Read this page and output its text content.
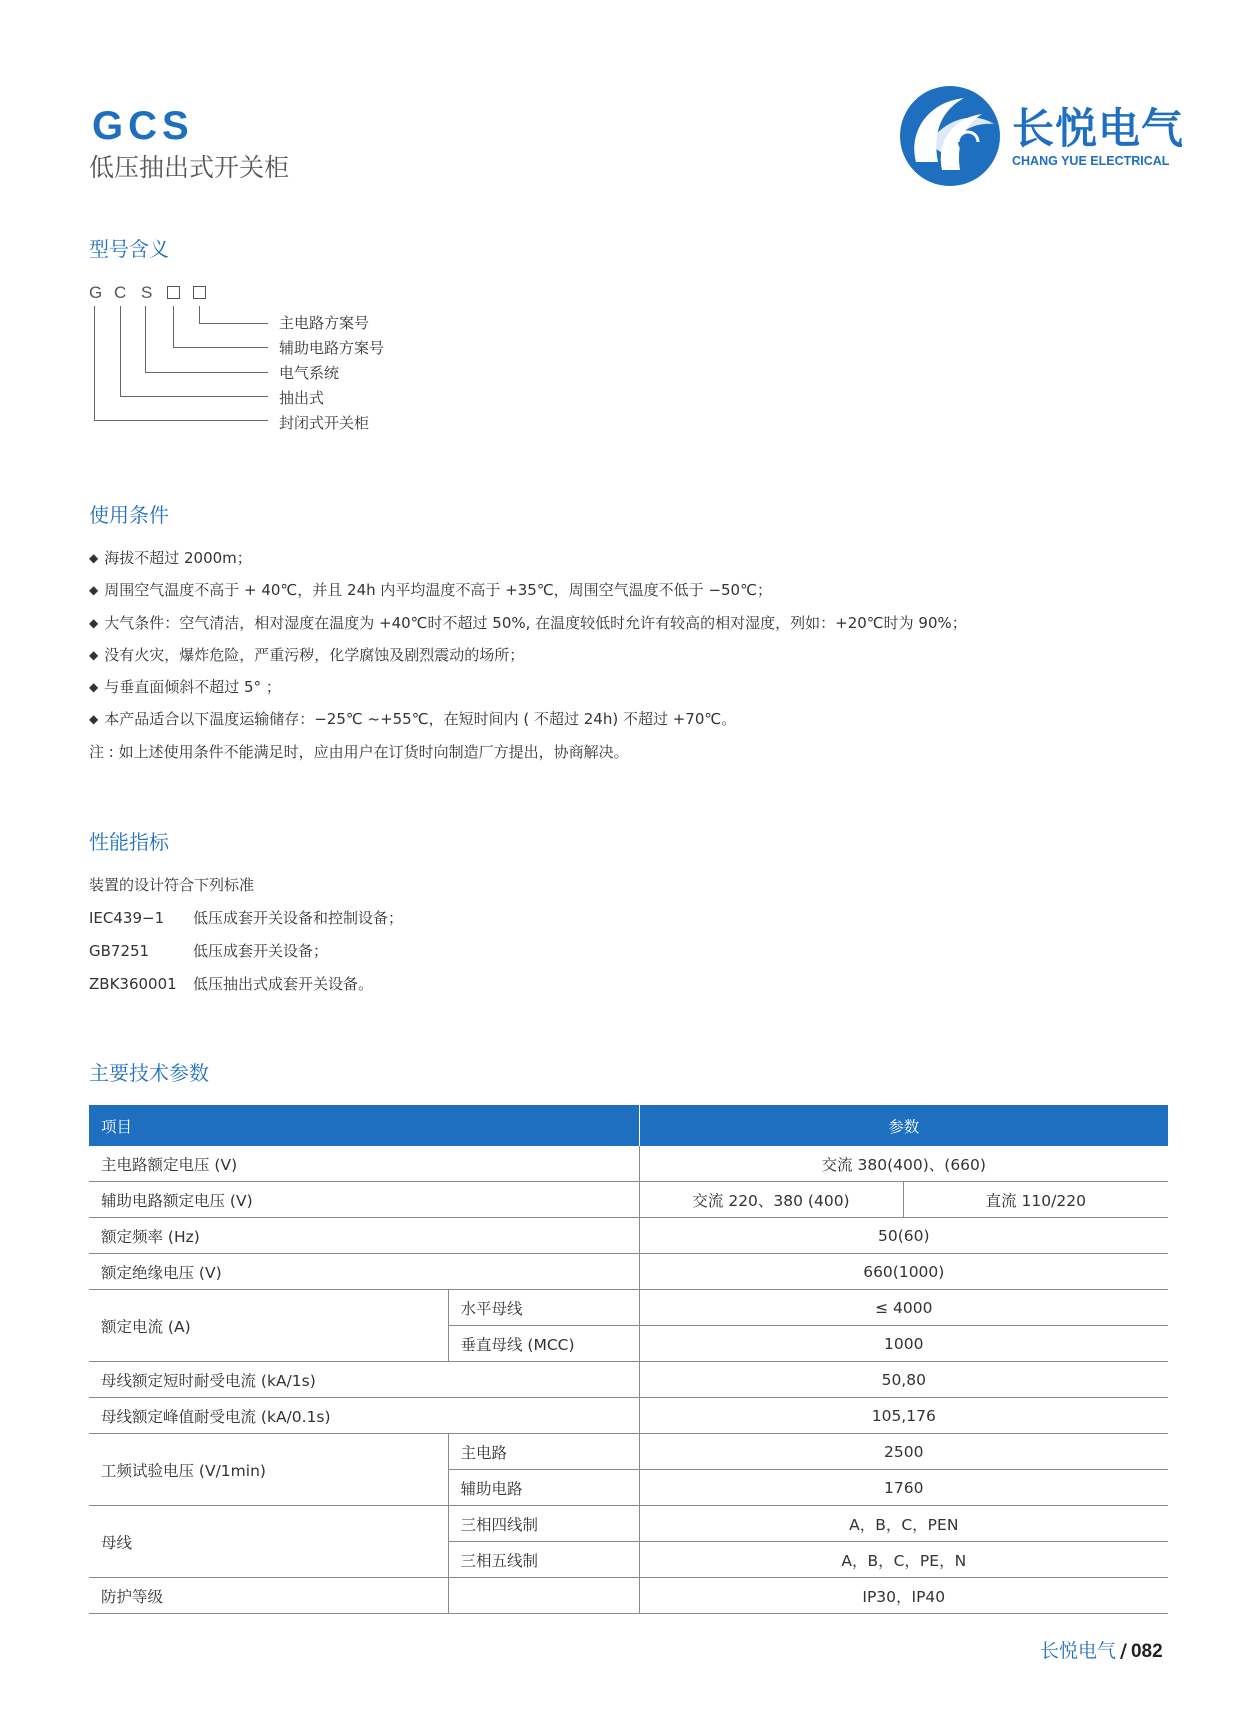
GCS
低压抽出式开关柜
长悦电气
CHANG YUE ELECTRICAL
型号含义
G C S
主电路方案号
辅助电路方案号
电气系统
抽出式
封闭式开关柜
使用条件
◆ 海拔不超过 2000m；
◆ 周围空气温度不高于 + 40℃，并且 24h 内平均温度不高于 +35℃，周围空气温度不低于 −50℃；
◆ 大气条件：空气清洁，相对湿度在温度为 +40℃时不超过 50%, 在温度较低时允许有较高的相对湿度，列如：+20℃时为 90%；
◆ 没有火灾，爆炸危险，严重污秽，化学腐蚀及剧烈震动的场所；
◆ 与垂直面倾斜不超过 5° ；
◆ 本产品适合以下温度运输储存：−25℃ ~+55℃，在短时间内 ( 不超过 24h) 不超过 +70℃。
注 : 如上述使用条件不能满足时，应由用户在订货时向制造厂方提出，协商解决。
性能指标
装置的设计符合下列标准
IEC439−1 低压成套开关设备和控制设备；
GB7251	低压成套开关设备；
ZBK360001 低压抽出式成套开关设备。
主要技术参数
项目		参数	
主电路额定电压 (V)		交流 380(400)、(660)	
辅助电路额定电压 (V)		交流 220、380 (400)	直流 110/220
额定频率 (Hz)		50(60)	
额定绝缘电压 (V)		660(1000)	
额定电流 (A)	水平母线	≤ 4000	
	垂直母线 (MCC)	1000	
母线额定短时耐受电流 (kA/1s)		50,80	
母线额定峰值耐受电流 (kA/0.1s)		105,176	
工频试验电压 (V/1min)	主电路	2500	
	辅助电路	1760	
母线	三相四线制	A，B，C，PEN	
	三相五线制	A，B，C，PE，N	
防护等级		IP30，IP40	
长悦电气 / 082
